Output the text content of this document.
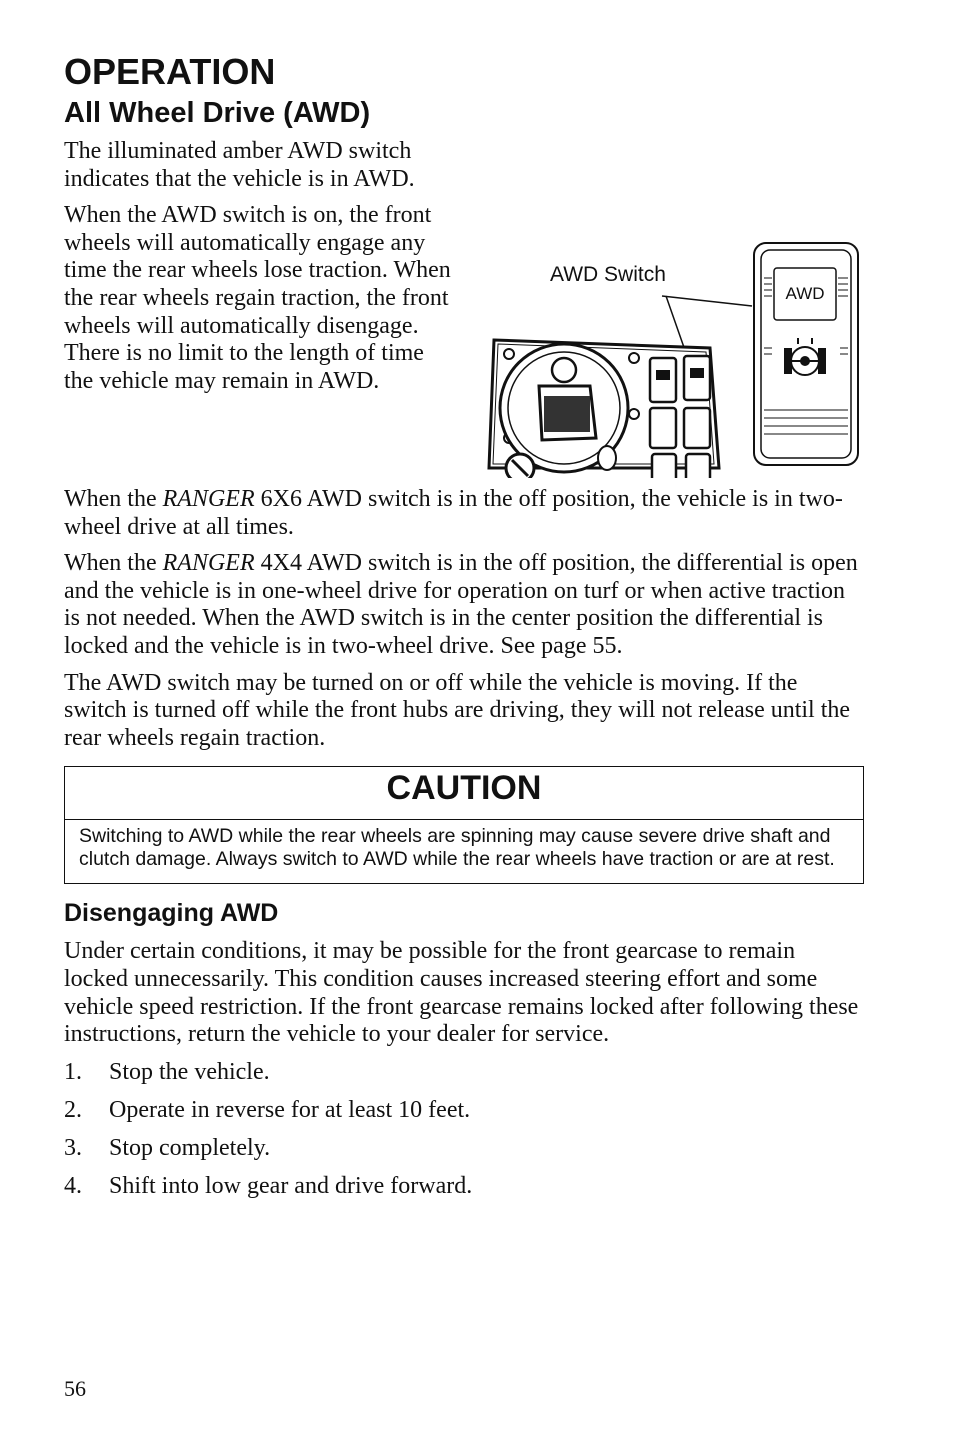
OPERATION
All Wheel Drive (AWD)

The illuminated amber AWD switch indicates that the vehicle is in AWD.

When the AWD switch is on, the front wheels will automatically engage any time the rear wheels lose traction. When the rear wheels regain traction, the front wheels will automatically disengage. There is no limit to the length of time the vehicle may remain in AWD.

AWD Switch
AWD

When the RANGER 6X6 AWD switch is in the off position, the vehicle is in two-wheel drive at all times.

When the RANGER 4X4 AWD switch is in the off position, the differential is open and the vehicle is in one-wheel drive for operation on turf or when active traction is not needed. When the AWD switch is in the center position the differential is locked and the vehicle is in two-wheel drive. See page 55.

The AWD switch may be turned on or off while the vehicle is moving. If the switch is turned off while the front hubs are driving, they will not release until the rear wheels regain traction.

CAUTION
Switching to AWD while the rear wheels are spinning may cause severe drive shaft and clutch damage. Always switch to AWD while the rear wheels have traction or are at rest.
Disengaging AWD

Under certain conditions, it may be possible for the front gearcase to remain locked unnecessarily. This condition causes increased steering effort and some vehicle speed restriction. If the front gearcase remains locked after following these instructions, return the vehicle to your dealer for service.

1.	Stop the vehicle.
2.	Operate in reverse for at least 10 feet.
3.	Stop completely.
4.	Shift into low gear and drive forward.
56
